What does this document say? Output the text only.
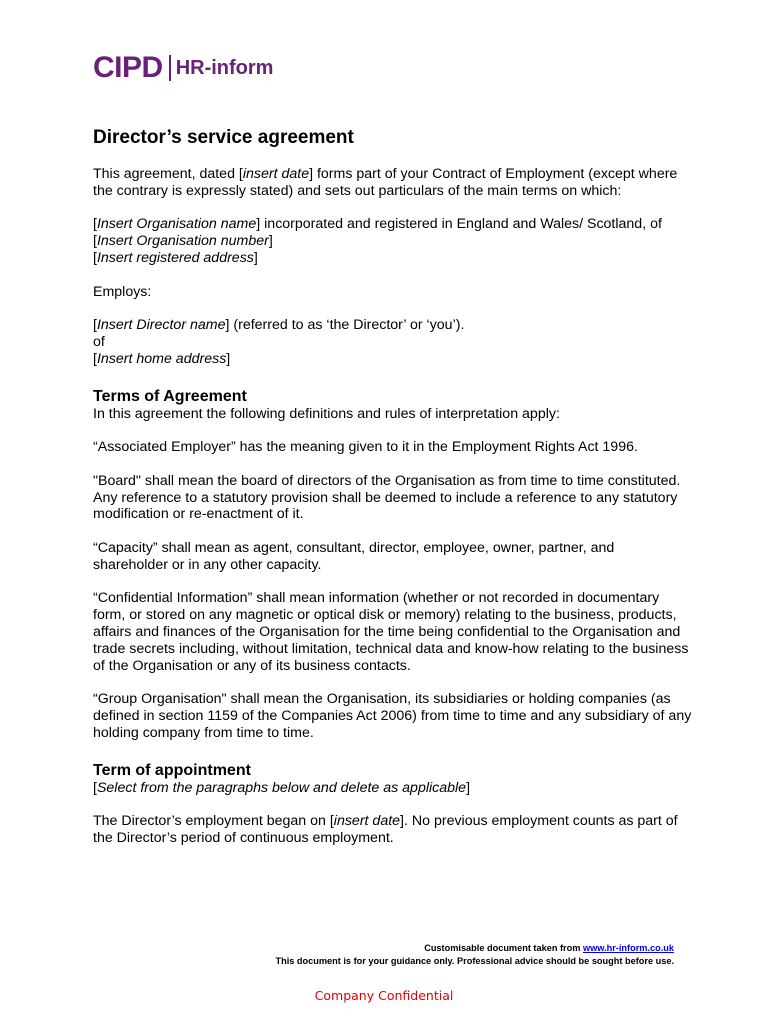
CIPD HR-inform
Director’s service agreement

This agreement, dated [insert date] forms part of your Contract of Employment (except where the contrary is expressly stated) and sets out particulars of the main terms on which:

[Insert Organisation name] incorporated and registered in England and Wales/ Scotland, of

[Insert Organisation number]

[Insert registered address]

Employs:

[Insert Director name] (referred to as ‘the Director’ or ‘you’).

of

[Insert home address]

Terms of Agreement

In this agreement the following definitions and rules of interpretation apply:

“Associated Employer” has the meaning given to it in the Employment Rights Act 1996.

"Board" shall mean the board of directors of the Organisation as from time to time constituted. Any reference to a statutory provision shall be deemed to include a reference to any statutory modification or re-enactment of it.

“Capacity” shall mean as agent, consultant, director, employee, owner, partner, and shareholder or in any other capacity.

“Confidential Information” shall mean information (whether or not recorded in documentary form, or stored on any magnetic or optical disk or memory) relating to the business, products, affairs and finances of the Organisation for the time being confidential to the Organisation and trade secrets including, without limitation, technical data and know-how relating to the business of the Organisation or any of its business contacts.

“Group Organisation" shall mean the Organisation, its subsidiaries or holding companies (as defined in section 1159 of the Companies Act 2006) from time to time and any subsidiary of any holding company from time to time.

Term of appointment

[Select from the paragraphs below and delete as applicable]

The Director’s employment began on [insert date]. No previous employment counts as part of the Director’s period of continuous employment.

Customisable document taken from www.hr-inform.co.uk
This document is for your guidance only. Professional advice should be sought before use.
Company Confidential
